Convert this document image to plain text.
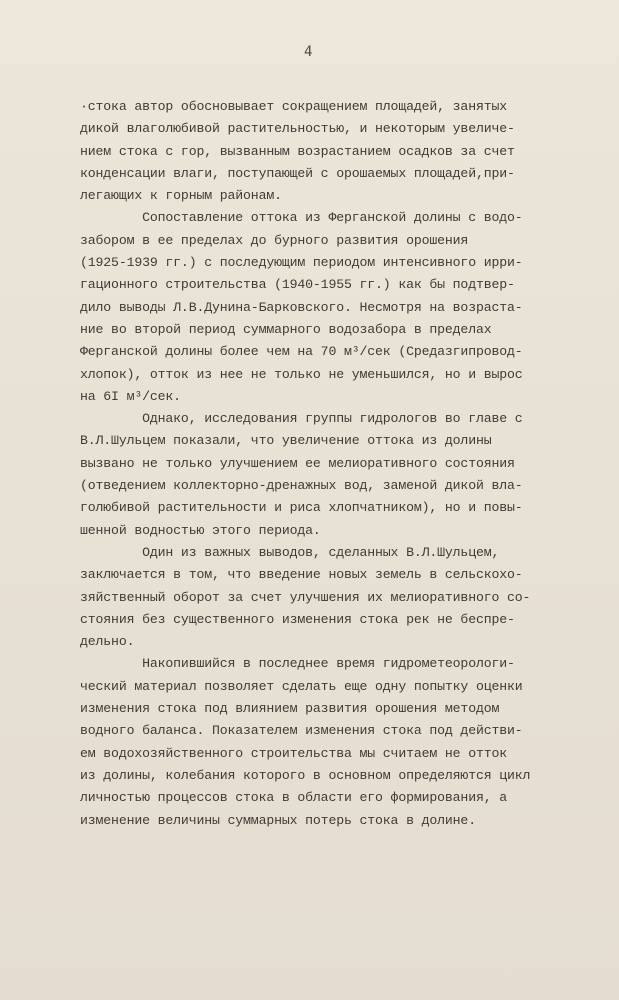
4
·стока автор обосновывает сокращением площадей, занятых
дикой влаголюбивой растительностью, и некоторым увеличе-
нием стока с гор, вызванным возрастанием осадков за счет
конденсации влаги, поступающей с орошаемых площадей,при-
легающих к горным районам.
Сопоставление оттока из Ферганской долины с водо-
забором в ее пределах до бурного развития орошения
(1925-1939 гг.) с последующим периодом интенсивного ирри-
гационного строительства (1940-1955 гг.) как бы подтвер-
дило выводы Л.В.Дунина-Барковского. Несмотря на возраста-
ние во второй период суммарного водозабора в пределах
Ферганской долины более чем на 70 м³/сек (Средазгипровод-
хлопок), отток из нее не только не уменьшился, но и вырос
на 6I м³/сек.
Однако, исследования группы гидрологов во главе с
В.Л.Шульцем показали, что увеличение оттока из долины
вызвано не только улучшением ее мелиоративного состояния
(отведением коллекторно-дренажных вод, заменой дикой вла-
голюбивой растительности и риса хлопчатником), но и повы-
шенной водностью этого периода.
Один из важных выводов, сделанных В.Л.Шульцем,
заключается в том, что введение новых земель в сельскохо-
зяйственный оборот за счет улучшения их мелиоративного со-
стояния без существенного изменения стока рек не беспре-
дельно.
Накопившийся в последнее время гидрометеорологи-
ческий материал позволяет сделать еще одну попытку оценки
изменения стока под влиянием развития орошения методом
водного баланса. Показателем изменения стока под действи-
ем водохозяйственного строительства мы считаем не отток
из долины, колебания которого в основном определяются цикл
личностью процессов стока в области его формирования, а
изменение величины суммарных потерь стока в долине.
